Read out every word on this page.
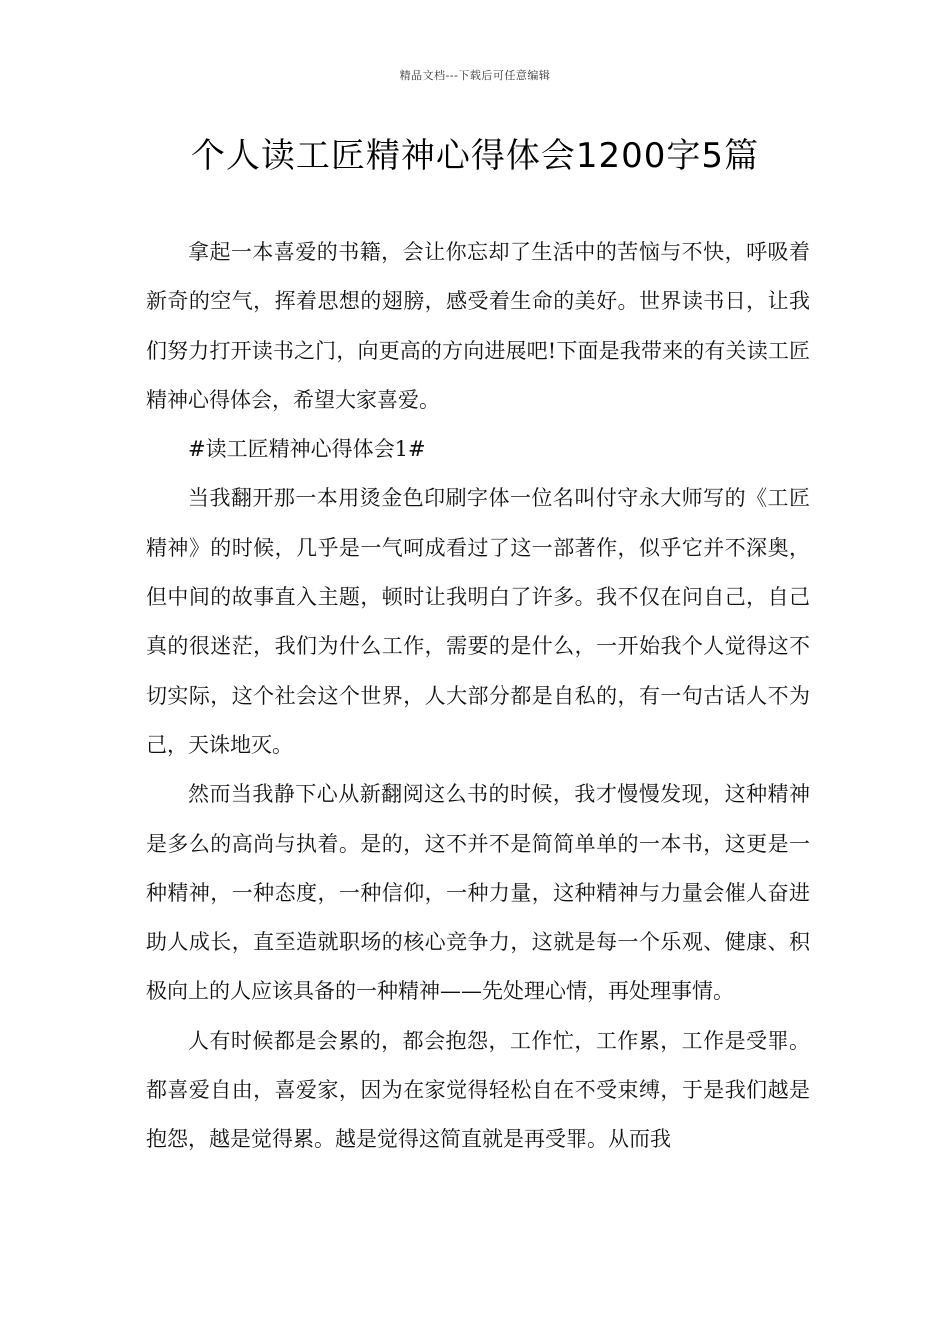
精品文档---下载后可任意编辑
个人读工匠精神心得体会1200字5篇

拿起一本喜爱的书籍，会让你忘却了生活中的苦恼与不快，呼吸着新奇的空气，挥着思想的翅膀，感受着生命的美好。世界读书日，让我们努力打开读书之门，向更高的方向进展吧!下面是我带来的有关读工匠精神心得体会，希望大家喜爱。

#读工匠精神心得体会1#

当我翻开那一本用烫金色印刷字体一位名叫付守永大师写的《工匠精神》的时候，几乎是一气呵成看过了这一部著作，似乎它并不深奥，但中间的故事直入主题，顿时让我明白了许多。我不仅在问自己，自己真的很迷茫，我们为什么工作，需要的是什么，一开始我个人觉得这不切实际，这个社会这个世界，人大部分都是自私的，有一句古话人不为己，天诛地灭。

然而当我静下心从新翻阅这么书的时候，我才慢慢发现，这种精神是多么的高尚与执着。是的，这不并不是简简单单的一本书，这更是一种精神，一种态度，一种信仰，一种力量，这种精神与力量会催人奋进助人成长，直至造就职场的核心竞争力，这就是每一个乐观、健康、积极向上的人应该具备的一种精神——先处理心情，再处理事情。

人有时候都是会累的，都会抱怨，工作忙，工作累，工作是受罪。都喜爱自由，喜爱家，因为在家觉得轻松自在不受束缚，于是我们越是抱怨，越是觉得累。越是觉得这简直就是再受罪。从而我
